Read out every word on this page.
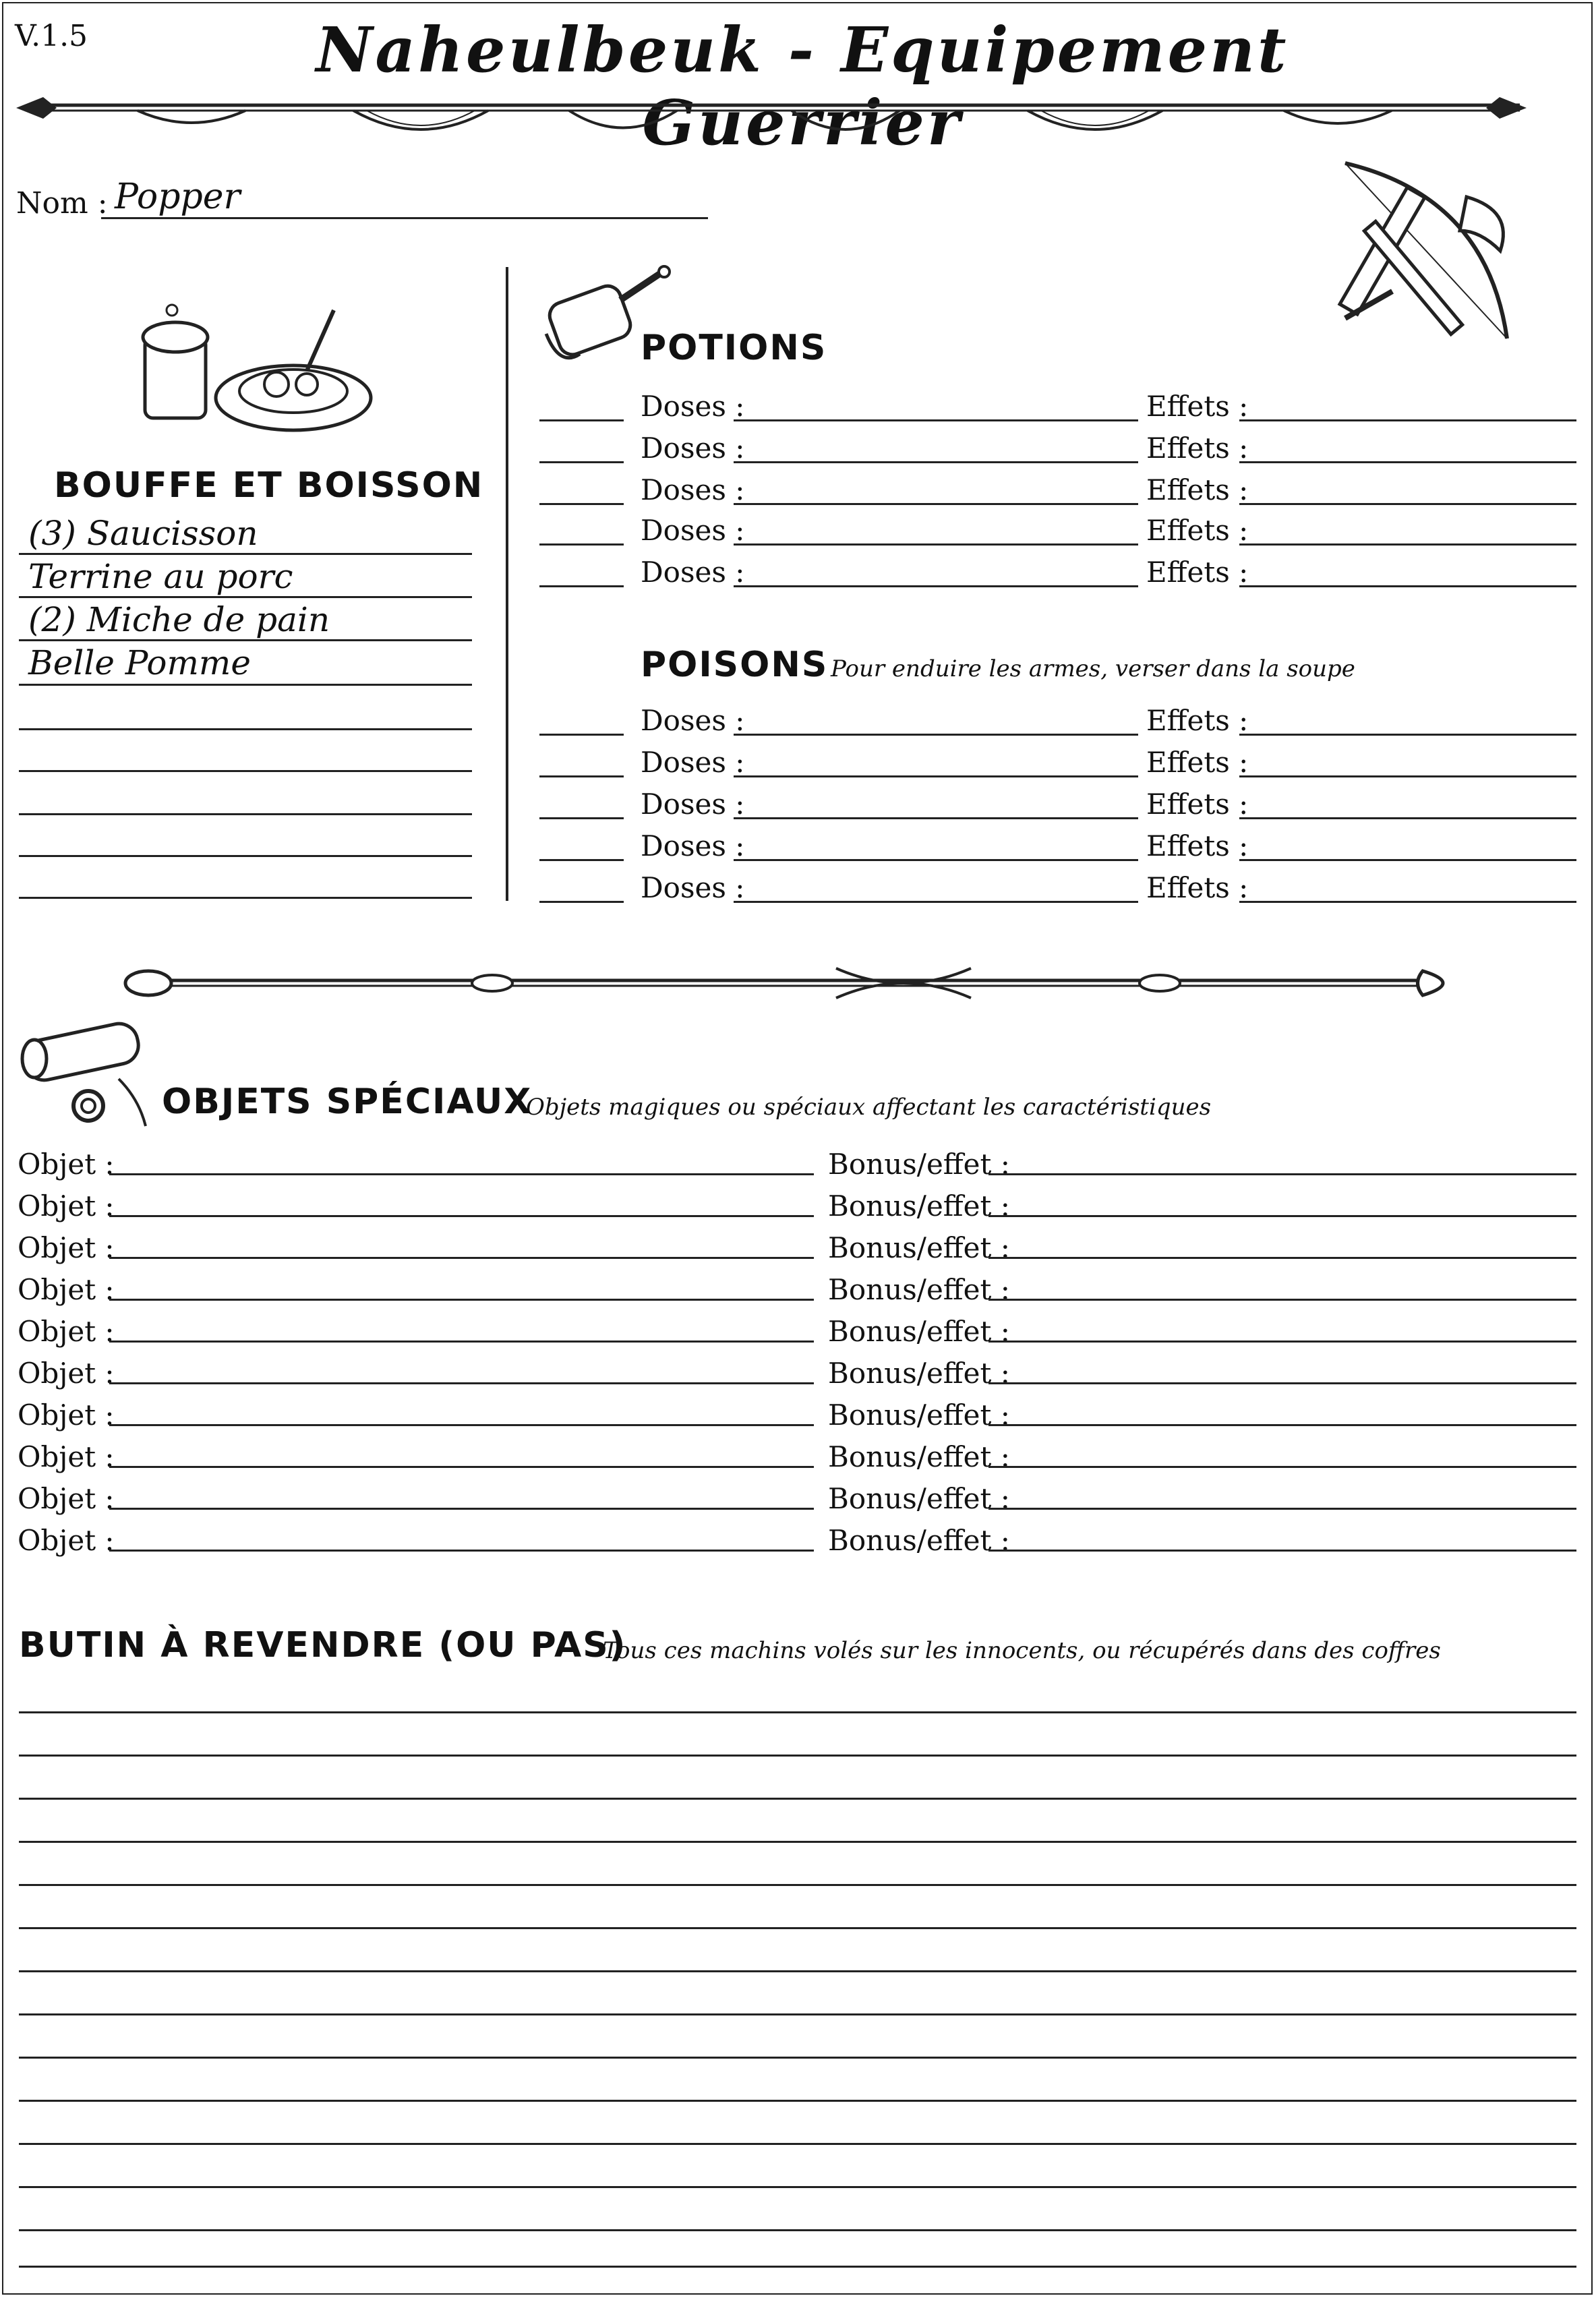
V.1.5	Naheulbeuk - Equipement Guerrier
Nom : Popper
BOUFFE ET BOISSON
(3) Saucisson
Terrine au porc
(2) Miche de pain
Belle Pomme
POTIONS
Doses :	Effets :
Doses :	Effets :
Doses :	Effets :
Doses :	Effets :
Doses :	Effets :
POISONS Pour enduire les armes, verser dans la soupe
Doses :	Effets :
Doses :	Effets :
Doses :	Effets :
Doses :	Effets :
Doses :	Effets :
OBJETS SPÉCIAUX
Objets magiques ou spéciaux affectant les caractéristiques
Objet :	Bonus/effet :
Objet :	Bonus/effet :
Objet :	Bonus/effet :
Objet :	Bonus/effet :
Objet :	Bonus/effet :
Objet :	Bonus/effet :
Objet :	Bonus/effet :
Objet :	Bonus/effet :
Objet :	Bonus/effet :
Objet :	Bonus/effet :
BUTIN À REVENDRE (OU PAS)
Tous ces machins volés sur les innocents, ou récupérés dans des coffres
